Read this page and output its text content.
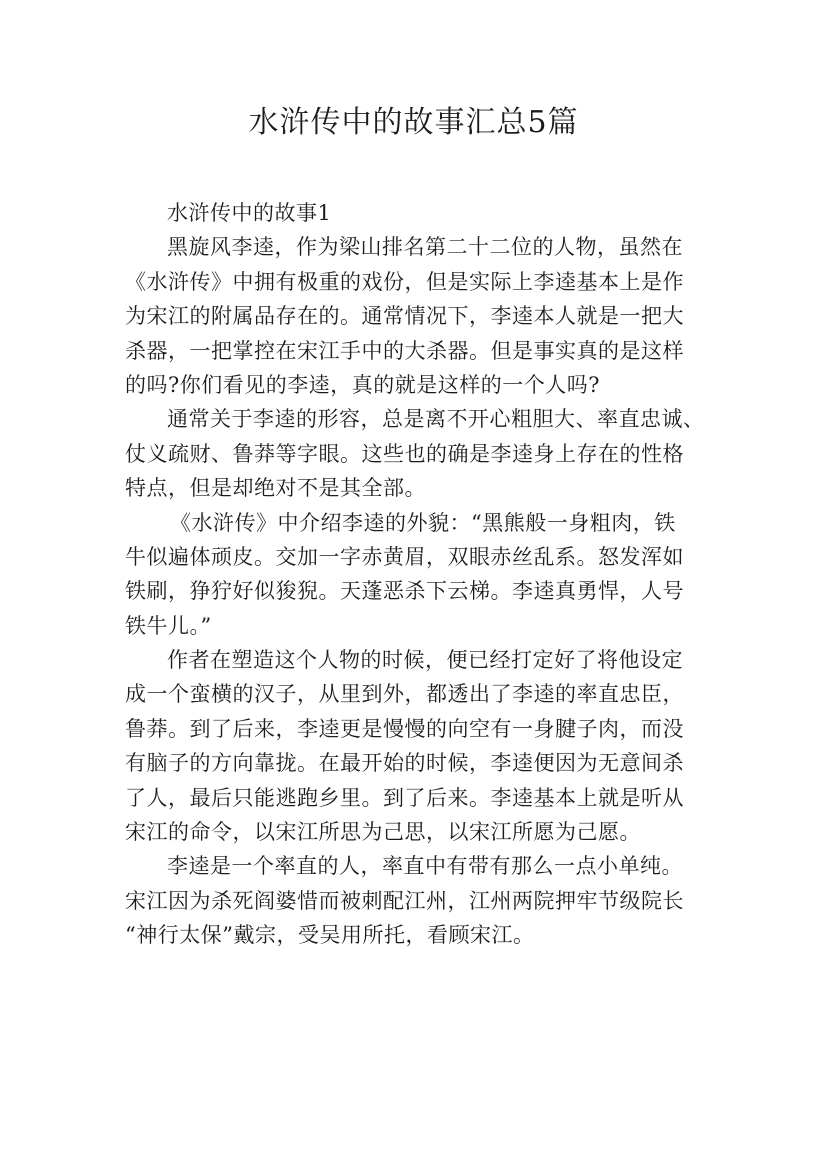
水浒传中的故事汇总5篇
水浒传中的故事1
黑旋风李逵，作为梁山排名第二十二位的人物，虽然在
《水浒传》中拥有极重的戏份，但是实际上李逵基本上是作
为宋江的附属品存在的。通常情况下，李逵本人就是一把大
杀器，一把掌控在宋江手中的大杀器。但是事实真的是这样
的吗?你们看见的李逵，真的就是这样的一个人吗?
通常关于李逵的形容，总是离不开心粗胆大、率直忠诚、
仗义疏财、鲁莽等字眼。这些也的确是李逵身上存在的性格
特点，但是却绝对不是其全部。
《水浒传》中介绍李逵的外貌：“黑熊般一身粗肉，铁
牛似遍体顽皮。交加一字赤黄眉，双眼赤丝乱系。怒发浑如
铁刷，狰狞好似狻猊。天蓬恶杀下云梯。李逵真勇悍，人号
铁牛儿。”
作者在塑造这个人物的时候，便已经打定好了将他设定
成一个蛮横的汉子，从里到外，都透出了李逵的率直忠臣，
鲁莽。到了后来，李逵更是慢慢的向空有一身腱子肉，而没
有脑子的方向靠拢。在最开始的时候，李逵便因为无意间杀
了人，最后只能逃跑乡里。到了后来。李逵基本上就是听从
宋江的命令，以宋江所思为己思，以宋江所愿为己愿。
李逵是一个率直的人，率直中有带有那么一点小单纯。
宋江因为杀死阎婆惜而被刺配江州，江州两院押牢节级院长
“神行太保”戴宗，受吴用所托，看顾宋江。
